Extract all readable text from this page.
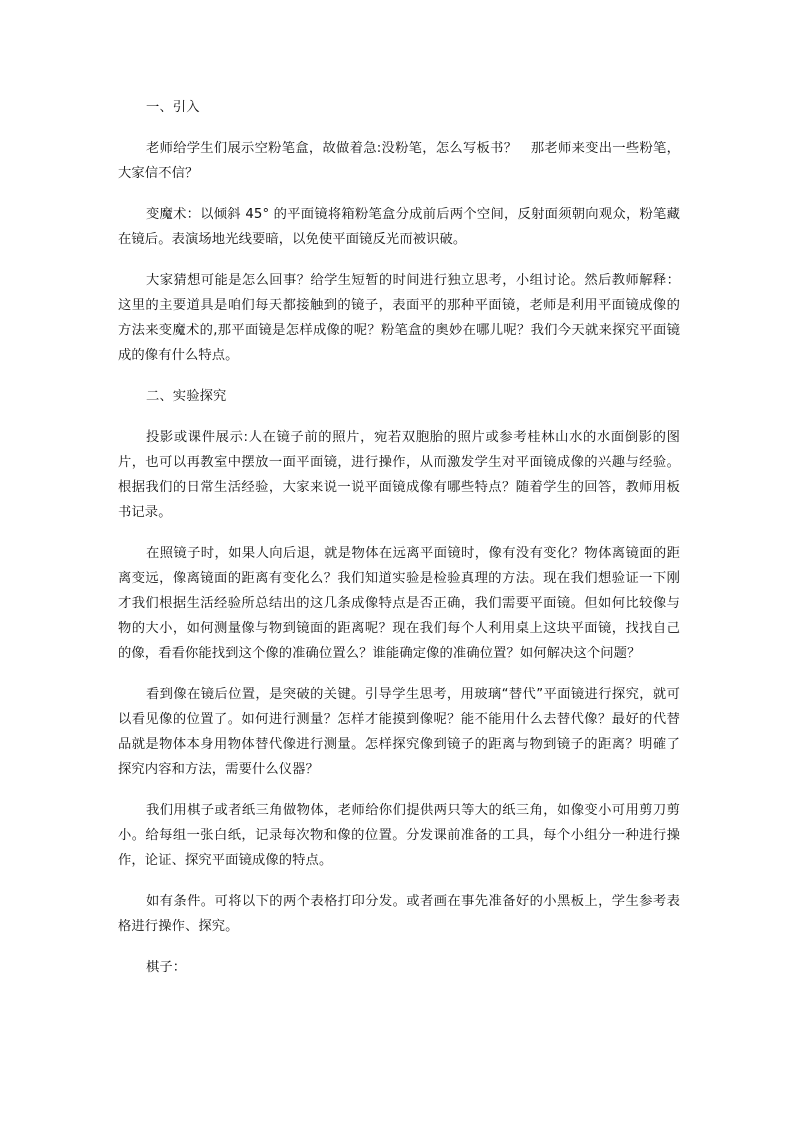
一、引入
老师给学生们展示空粉笔盒，故做着急:没粉笔，怎么写板书？　那老师来变出一些粉笔，大家信不信？
变魔术：以倾斜 45° 的平面镜将箱粉笔盒分成前后两个空间，反射面须朝向观众，粉笔藏在镜后。表演场地光线要暗，以免使平面镜反光而被识破。
大家猜想可能是怎么回事？给学生短暂的时间进行独立思考，小组讨论。然后教师解释：这里的主要道具是咱们每天都接触到的镜子，表面平的那种平面镜，老师是利用平面镜成像的方法来变魔术的,那平面镜是怎样成像的呢？粉笔盒的奥妙在哪儿呢？我们今天就来探究平面镜成的像有什么特点。
二、实验探究
投影或课件展示:人在镜子前的照片，宛若双胞胎的照片或参考桂林山水的水面倒影的图片，也可以再教室中摆放一面平面镜，进行操作，从而激发学生对平面镜成像的兴趣与经验。根据我们的日常生活经验，大家来说一说平面镜成像有哪些特点？随着学生的回答，教师用板书记录。
在照镜子时，如果人向后退，就是物体在远离平面镜时，像有没有变化？物体离镜面的距离变远，像离镜面的距离有变化么？我们知道实验是检验真理的方法。现在我们想验证一下刚才我们根据生活经验所总结出的这几条成像特点是否正确，我们需要平面镜。但如何比较像与物的大小，如何测量像与物到镜面的距离呢？现在我们每个人利用桌上这块平面镜，找找自己的像，看看你能找到这个像的准确位置么？谁能确定像的准确位置？如何解决这个问题？
看到像在镜后位置，是突破的关键。引导学生思考，用玻璃“替代”平面镜进行探究，就可以看见像的位置了。如何进行测量？怎样才能摸到像呢？能不能用什么去替代像？最好的代替品就是物体本身用物体替代像进行测量。怎样探究像到镜子的距离与物到镜子的距离？明確了探究内容和方法，需要什么仪器？
我们用棋子或者纸三角做物体，老师给你们提供两只等大的纸三角，如像变小可用剪刀剪小。给每组一张白纸，记录每次物和像的位置。分发课前准备的工具，每个小组分一种进行操作，论证、探究平面镜成像的特点。
如有条件。可将以下的两个表格打印分发。或者画在事先准备好的小黑板上，学生参考表格进行操作、探究。
棋子：
